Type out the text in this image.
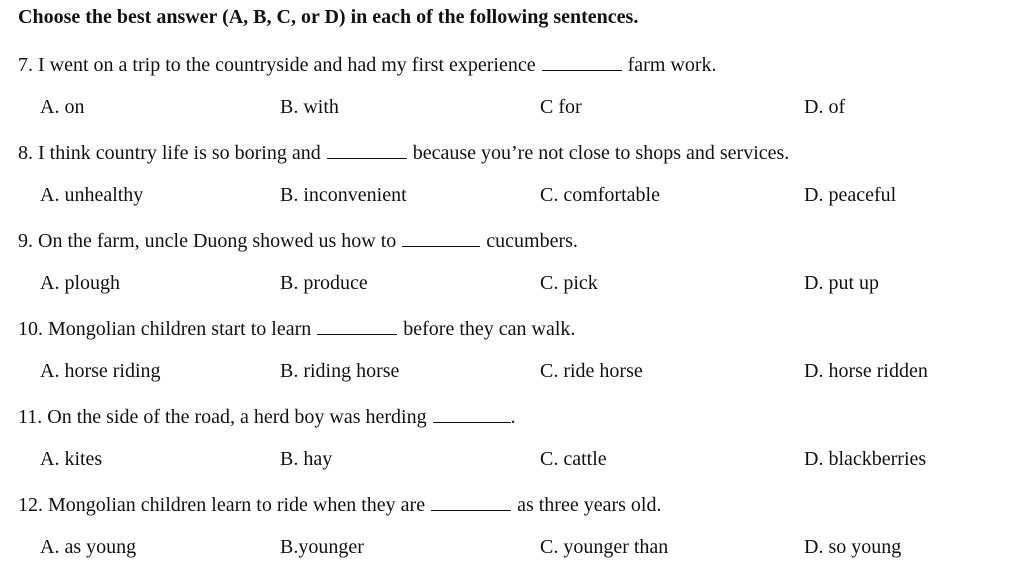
Choose the best answer (A, B, C, or D) in each of the following sentences.
7. I went on a trip to the countryside and had my first experience	farm work.
A. on	B. with	C for	D. of
8. I think country life is so boring and	because you’re not close to shops and services.
A. unhealthy	B. inconvenient	C. comfortable	D. peaceful
9. On the farm, uncle Duong showed us how to	cucumbers.
A. plough	B. produce	C. pick	D. put up
10. Mongolian children start to learn	before they can walk.
A. horse riding	B. riding horse	C. ride horse	D. horse ridden
11. On the side of the road, a herd boy was herding	.
A. kites	B. hay	C. cattle	D. blackberries
12. Mongolian children learn to ride when they are	as three years old.
A. as young	B.younger	C. younger than	D. so young
